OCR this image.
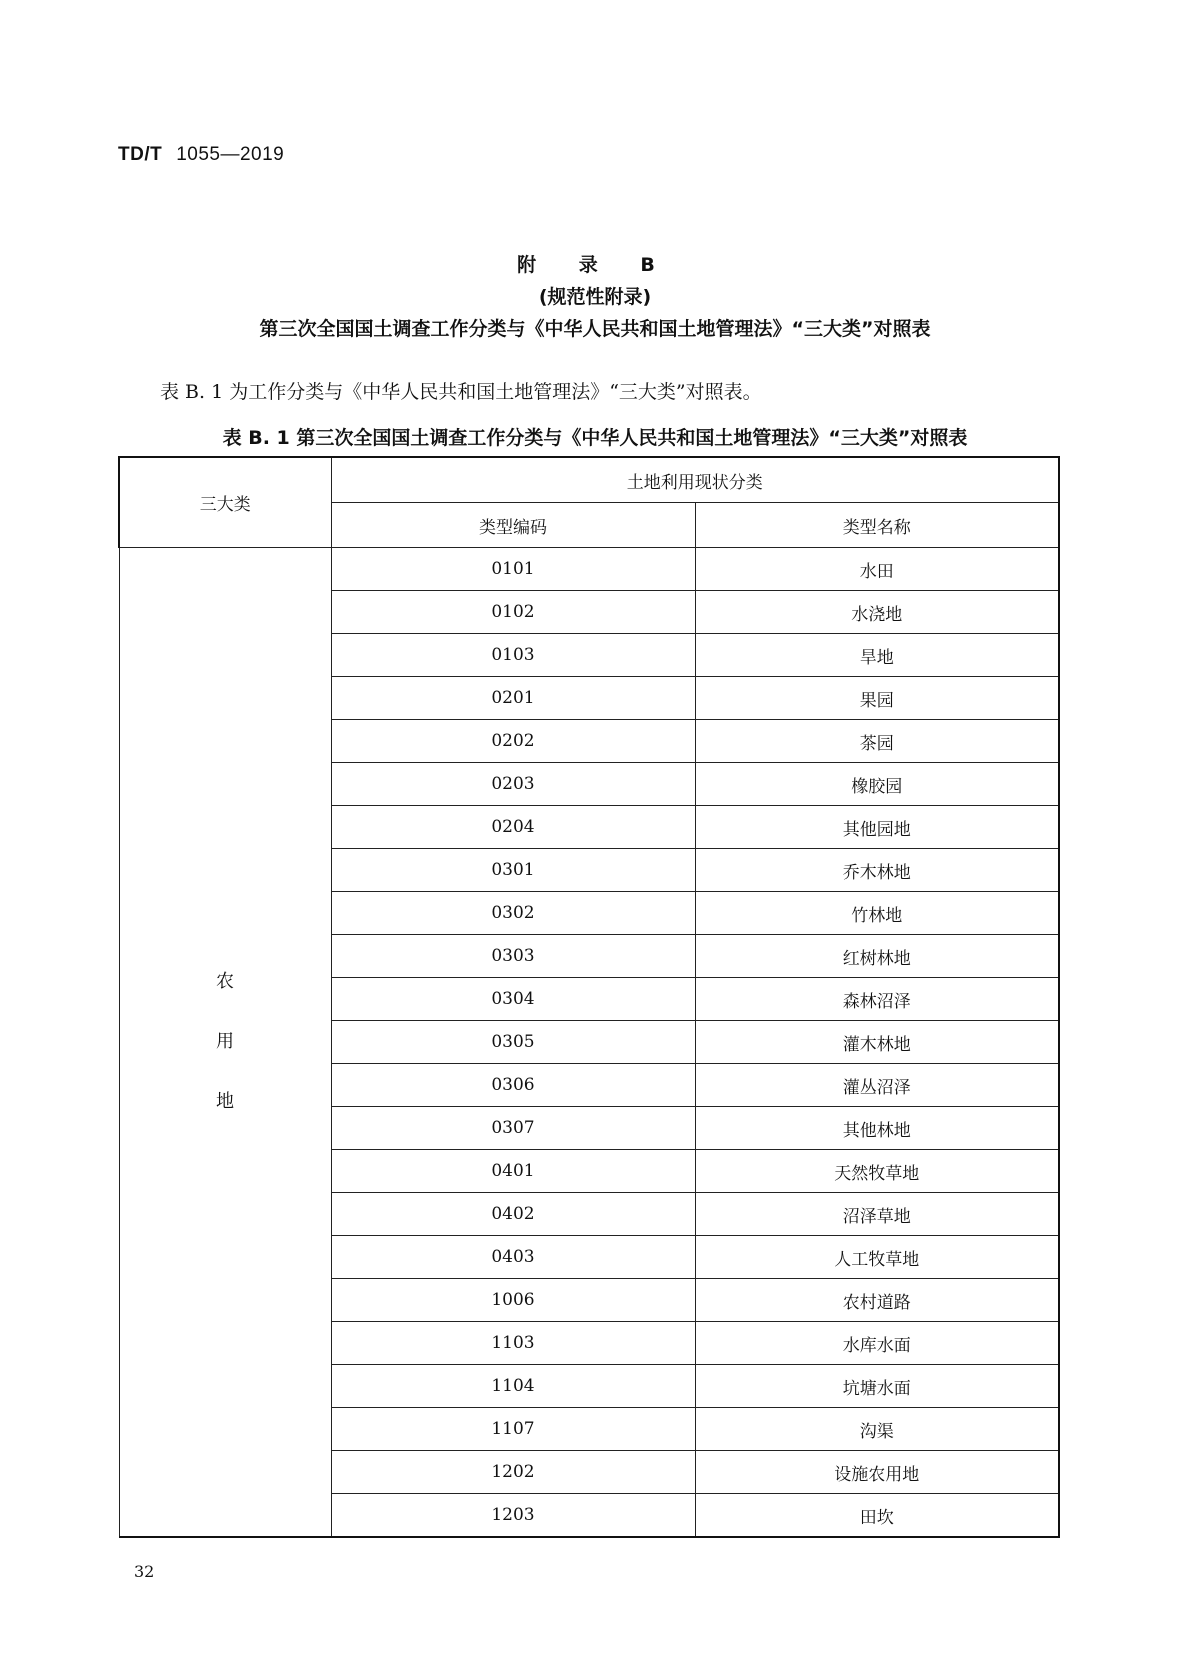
TD/T 1055—2019
附 录 B
(规范性附录)
第三次全国国土调查工作分类与《中华人民共和国土地管理法》“三大类”对照表
表 B. 1 为工作分类与《中华人民共和国土地管理法》“三大类”对照表。
表 B. 1 第三次全国国土调查工作分类与《中华人民共和国土地管理法》“三大类”对照表
三大类	土地利用现状分类	
	类型编码	类型名称

农
用
地	0101	水田
	0102	水浇地
	0103	旱地
	0201	果园
	0202	茶园
	0203	橡胶园
	0204	其他园地
	0301	乔木林地
	0302	竹林地
	0303	红树林地
	0304	森林沼泽
	0305	灌木林地
	0306	灌丛沼泽
	0307	其他林地
	0401	天然牧草地
	0402	沼泽草地
	0403	人工牧草地
	1006	农村道路
	1103	水库水面
	1104	坑塘水面
	1107	沟渠
	1202	设施农用地
	1203	田坎
32
